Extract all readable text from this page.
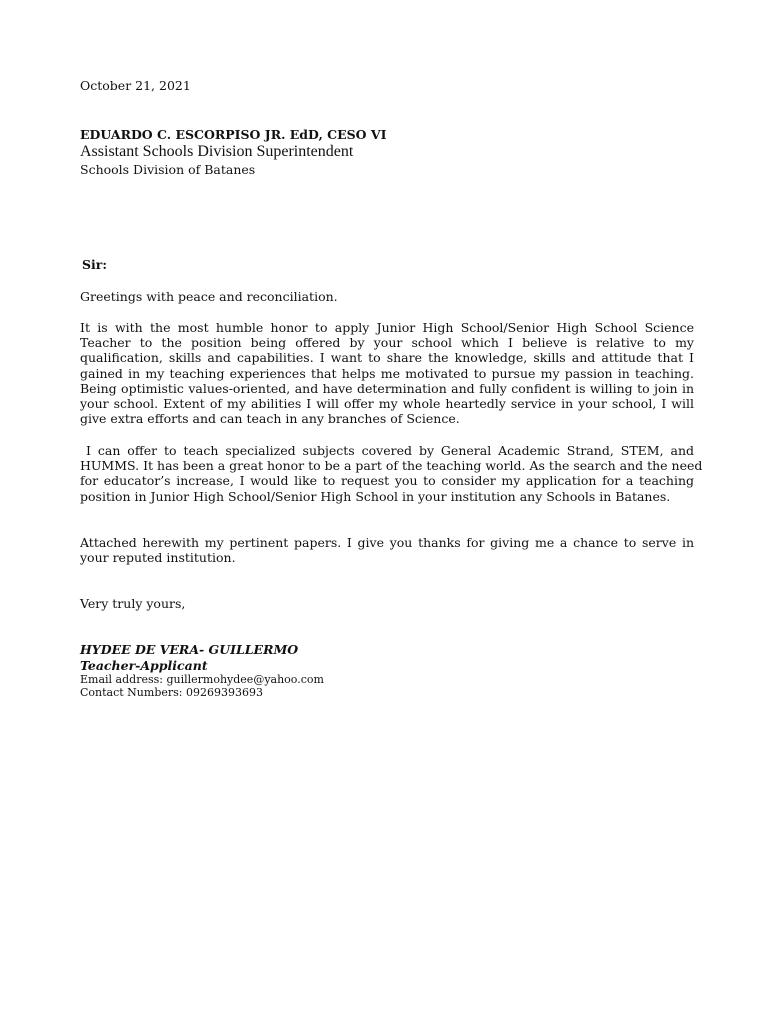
October 21, 2021
EDUARDO C. ESCORPISO JR. EdD, CESO VI
Assistant Schools Division Superintendent
Schools Division of Batanes
Sir:
Greetings with peace and reconciliation.
It is with the most humble honor to apply Junior High School/Senior High School Science
Teacher to the position being offered by your school which I believe is relative to my
qualification, skills and capabilities. I want to share the knowledge, skills and attitude that I
gained in my teaching experiences that helps me motivated to pursue my passion in teaching.
Being optimistic values-oriented, and have determination and fully confident is willing to join in
your school. Extent of my abilities I will offer my whole heartedly service in your school, I will
give extra efforts and can teach in any branches of Science.
I can offer to teach specialized subjects covered by General Academic Strand, STEM, and
HUMMS. It has been a great honor to be a part of the teaching world. As the search and the need
for educator’s increase, I would like to request you to consider my application for a teaching
position in Junior High School/Senior High School in your institution any Schools in Batanes.
Attached herewith my pertinent papers. I give you thanks for giving me a chance to serve in
your reputed institution.
Very truly yours,
HYDEE DE VERA- GUILLERMO
Teacher-Applicant
Email address: guillermohydee@yahoo.com
Contact Numbers: 09269393693
